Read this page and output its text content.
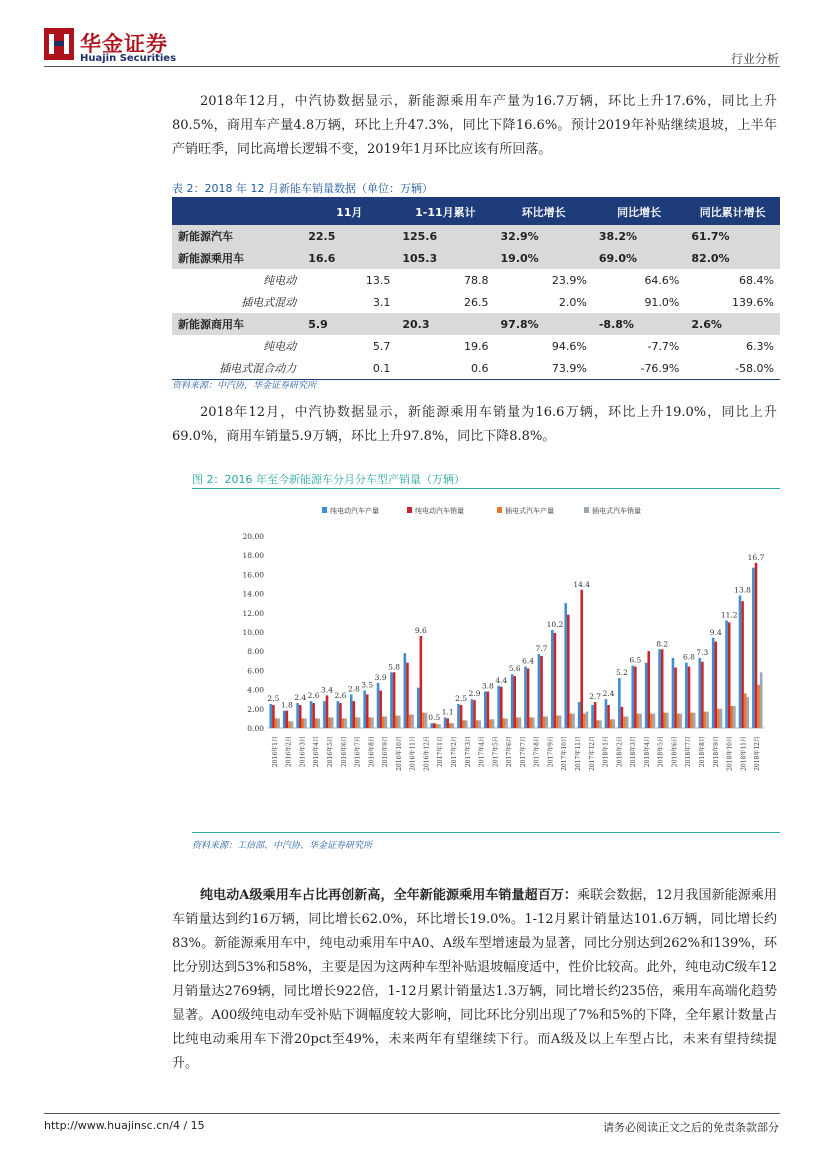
华金证券
Huajin Securities	行业分析
2018年12月，中汽协数据显示，新能源乘用车产量为16.7万辆，环比上升17.6%，同比上升80.5%，商用车产量4.8万辆，环比上升47.3%，同比下降16.6%。预计2019年补贴继续退坡，上半年产销旺季，同比高增长逻辑不变，2019年1月环比应该有所回落。
表 2：2018 年 12 月新能车销量数据（单位：万辆）
	11月	1-11月累计	环比增长	同比增长	同比累计增长
新能源汽车	22.5	125.6	32.9%	38.2%	61.7%
新能源乘用车	16.6	105.3	19.0%	69.0%	82.0%
纯电动	13.5	78.8	23.9%	64.6%	68.4%
插电式混动	3.1	26.5	2.0%	91.0%	139.6%
新能源商用车	5.9	20.3	97.8%	-8.8%	2.6%
纯电动	5.7	19.6	94.6%	-7.7%	6.3%
插电式混合动力	0.1	0.6	73.9%	-76.9%	-58.0%
资料来源：中汽协，华金证券研究所
2018年12月，中汽协数据显示，新能源乘用车销量为16.6万辆，环比上升19.0%，同比上升69.0%，商用车销量5.9万辆，环比上升97.8%，同比下降8.8%。
图 2：2016 年至今新能源车分月分车型产销量（万辆）
纯电动汽车产量	纯电动汽车销量	插电式汽车产量	插电式汽车销量
0.00
2.00
4.00
6.00
8.00
10.00
12.00
14.00
16.00
18.00
20.00
2.5
1.8
2.4 2.6
3.4
2.6
2.8 3.5
3.9
5.8
9.6
0.5
1.1
2.5
2.9
3.8
4.4
5.6
6.4
7.7
10.2
14.4
2.7 2.4
5.2
6.5
8.2
6.8
7.3
9.4
11.2
13.8
16.7
2016年1月 2016年2月 2016年3月 2016年4月 2016年5月 2016年6月 2016年7月 2016年8月 2016年9月 2016年10月 2016年11月 2016年12月 2017年1月 2017年2月 2017年3月 2017年4月 2017年5月 2017年6月 2017年7月 2017年8月 2017年9月 2017年10月 2017年11月 2017年12月 2018年1月 2018年2月 2018年3月 2018年4月 2018年5月 2018年6月 2018年7月 2018年8月 2018年9月 2018年10月 2018年11月 2018年12月
资料来源：工信部、中汽协、华金证券研究所
纯电动A级乘用车占比再创新高，全年新能源乘用车销量超百万：乘联会数据，12月我国新能源乘用车销量达到约16万辆，同比增长62.0%，环比增长19.0%。1-12月累计销量达101.6万辆，同比增长约83%。新能源乘用车中，纯电动乘用车中A0、A级车型增速最为显著，同比分别达到262%和139%，环比分别达到53%和58%，主要是因为这两种车型补贴退坡幅度适中，性价比较高。此外，纯电动C级车12月销量达2769辆，同比增长922倍，1-12月累计销量达1.3万辆，同比增长约235倍，乘用车高端化趋势显著。A00级纯电动车受补贴下调幅度较大影响，同比环比分别出现了7%和5%的下降，全年累计数量占比纯电动乘用车下滑20pct至49%，未来两年有望继续下行。而A级及以上车型占比，未来有望持续提升。
http://www.huajinsc.cn/4 / 15	请务必阅读正文之后的免责条款部分
